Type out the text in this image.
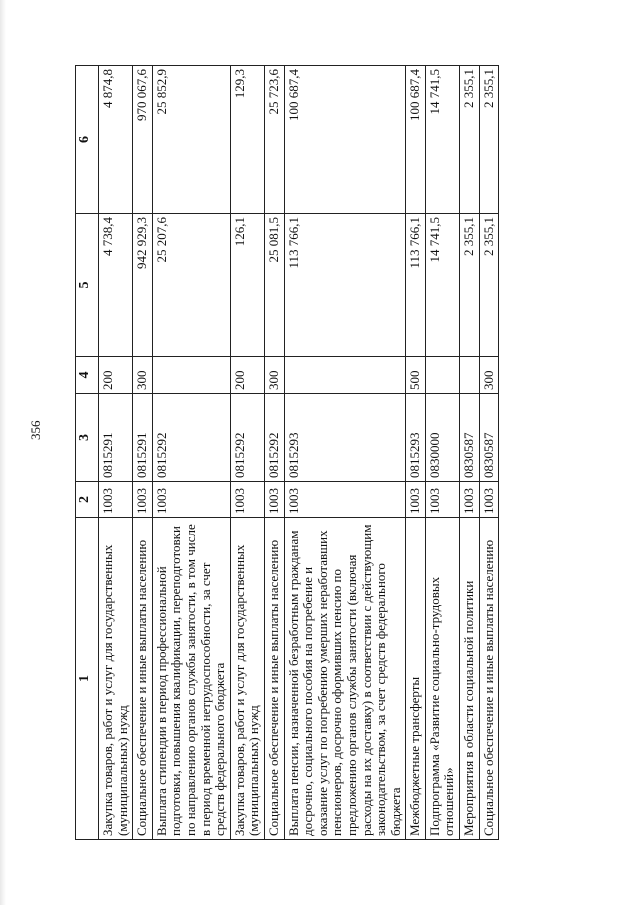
356
1	2	3	4	5	6
Закупка товаров, работ и услуг для государственных (муниципальных) нужд	1003	0815291	200	4 738,4	4 874,8
Социальное обеспечение и иные выплаты населению	1003	0815291	300	942 929,3	970 067,6
Выплата стипендии в период профессиональной подготовки, повышения квалификации, переподготовки по направлению органов службы занятости, в том числе в период временной нетрудоспособности, за счет средств федерального бюджета	1003	0815292		25 207,6	25 852,9
Закупка товаров, работ и услуг для государственных (муниципальных) нужд	1003	0815292	200	126,1	129,3
Социальное обеспечение и иные выплаты населению	1003	0815292	300	25 081,5	25 723,6
Выплата пенсии, назначенной безработным гражданам досрочно, социального пособия на погребение и оказание услуг по погребению умерших неработавших пенсионеров, досрочно оформивших пенсию по предложению органов службы занятости (включая расходы на их доставку) в соответствии с действующим законодательством, за счет средств федерального бюджета	1003	0815293		113 766,1	100 687,4
Межбюджетные трансферты	1003	0815293	500	113 766,1	100 687,4
Подпрограмма «Развитие социально-трудовых отношений»	1003	0830000		14 741,5	14 741,5
Мероприятия в области социальной политики	1003	0830587		2 355,1	2 355,1
Социальное обеспечение и иные выплаты населению	1003	0830587	300	2 355,1	2 355,1
